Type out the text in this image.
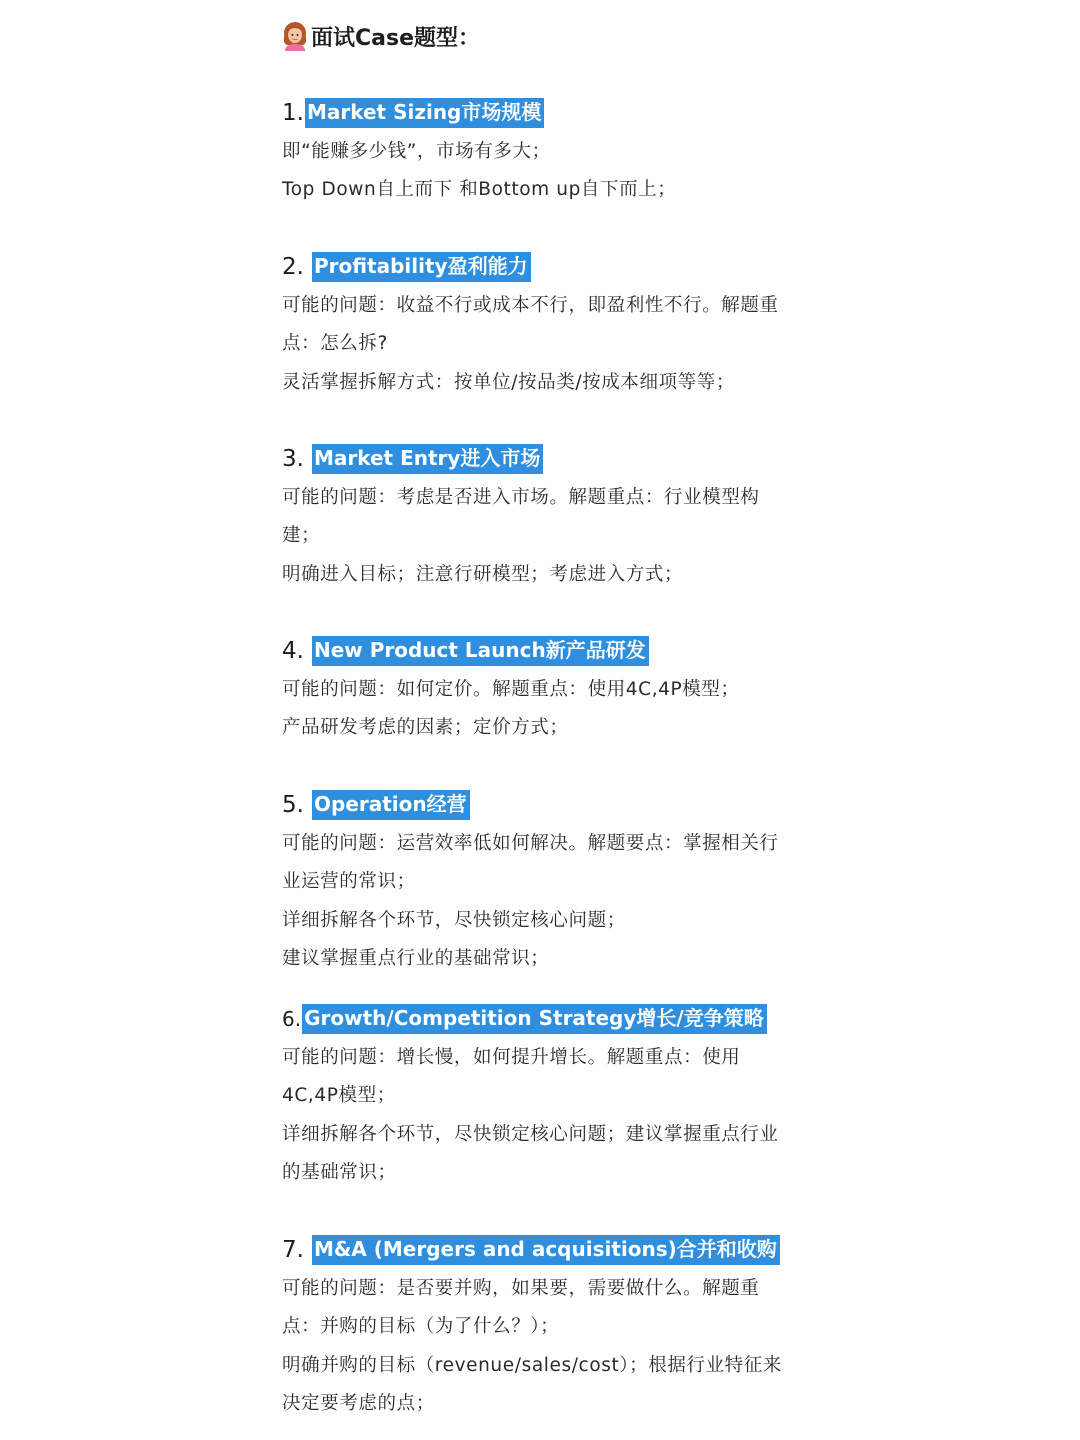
面试Case题型：
1. Market Sizing市场规模
即“能赚多少钱”，市场有多大；
Top Down自上而下 和Bottom up自下而上；
2. Profitability盈利能力
可能的问题：收益不行或成本不行，即盈利性不行。解题重
点：怎么拆?
灵活掌握拆解方式：按单位/按品类/按成本细项等等；
3. Market Entry进入市场
可能的问题：考虑是否进入市场。解题重点：行业模型构
建；
明确进入目标；注意行研模型；考虑进入方式；
4. New Product Launch新产品研发
可能的问题：如何定价。解题重点：使用4C,4P模型；
产品研发考虑的因素；定价方式；
5. Operation经营
可能的问题：运营效率低如何解决。解题要点：掌握相关行
业运营的常识；
详细拆解各个环节，尽快锁定核心问题；
建议掌握重点行业的基础常识；
6. Growth/Competition Strategy增长/竞争策略
可能的问题：增长慢，如何提升增长。解题重点：使用
4C,4P模型；
详细拆解各个环节，尽快锁定核心问题；建议掌握重点行业
的基础常识；
7. M&A (Mergers and acquisitions)合并和收购
可能的问题：是否要并购，如果要，需要做什么。解题重
点：并购的目标（为了什么？）；
明确并购的目标（revenue/sales/cost）；根据行业特征来
决定要考虑的点；
